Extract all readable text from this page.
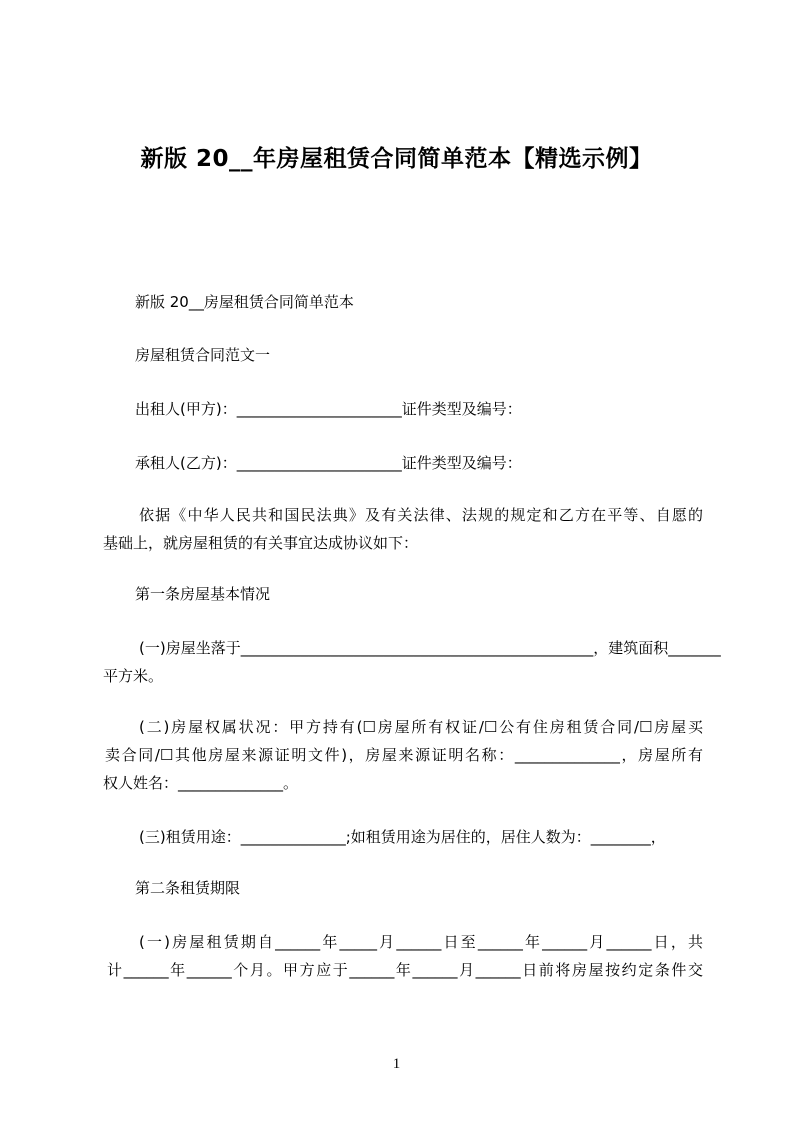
新版 20__年房屋租赁合同简单范本【精选示例】
新版 20__房屋租赁合同简单范本
房屋租赁合同范文一
出租人(甲方)：______________________证件类型及编号：
承租人(乙方)：______________________证件类型及编号：
依据《中华人民共和国民法典》及有关法律、法规的规定和乙方在平等、自愿的
基础上，就房屋租赁的有关事宜达成协议如下：
第一条房屋基本情况
(一)房屋坐落于_______________________________________________，建筑面积_______
平方米。
(二)房屋权属状况：甲方持有(☐房屋所有权证/☐公有住房租赁合同/☐房屋买
卖合同/☐其他房屋来源证明文件)，房屋来源证明名称：______________，房屋所有
权人姓名：______________。
(三)租赁用途：______________;如租赁用途为居住的，居住人数为：________，
第二条租赁期限
(一)房屋租赁期自______年_____月______日至______年______月______日，共
计______年______个月。甲方应于______年______月______日前将房屋按约定条件交
1
